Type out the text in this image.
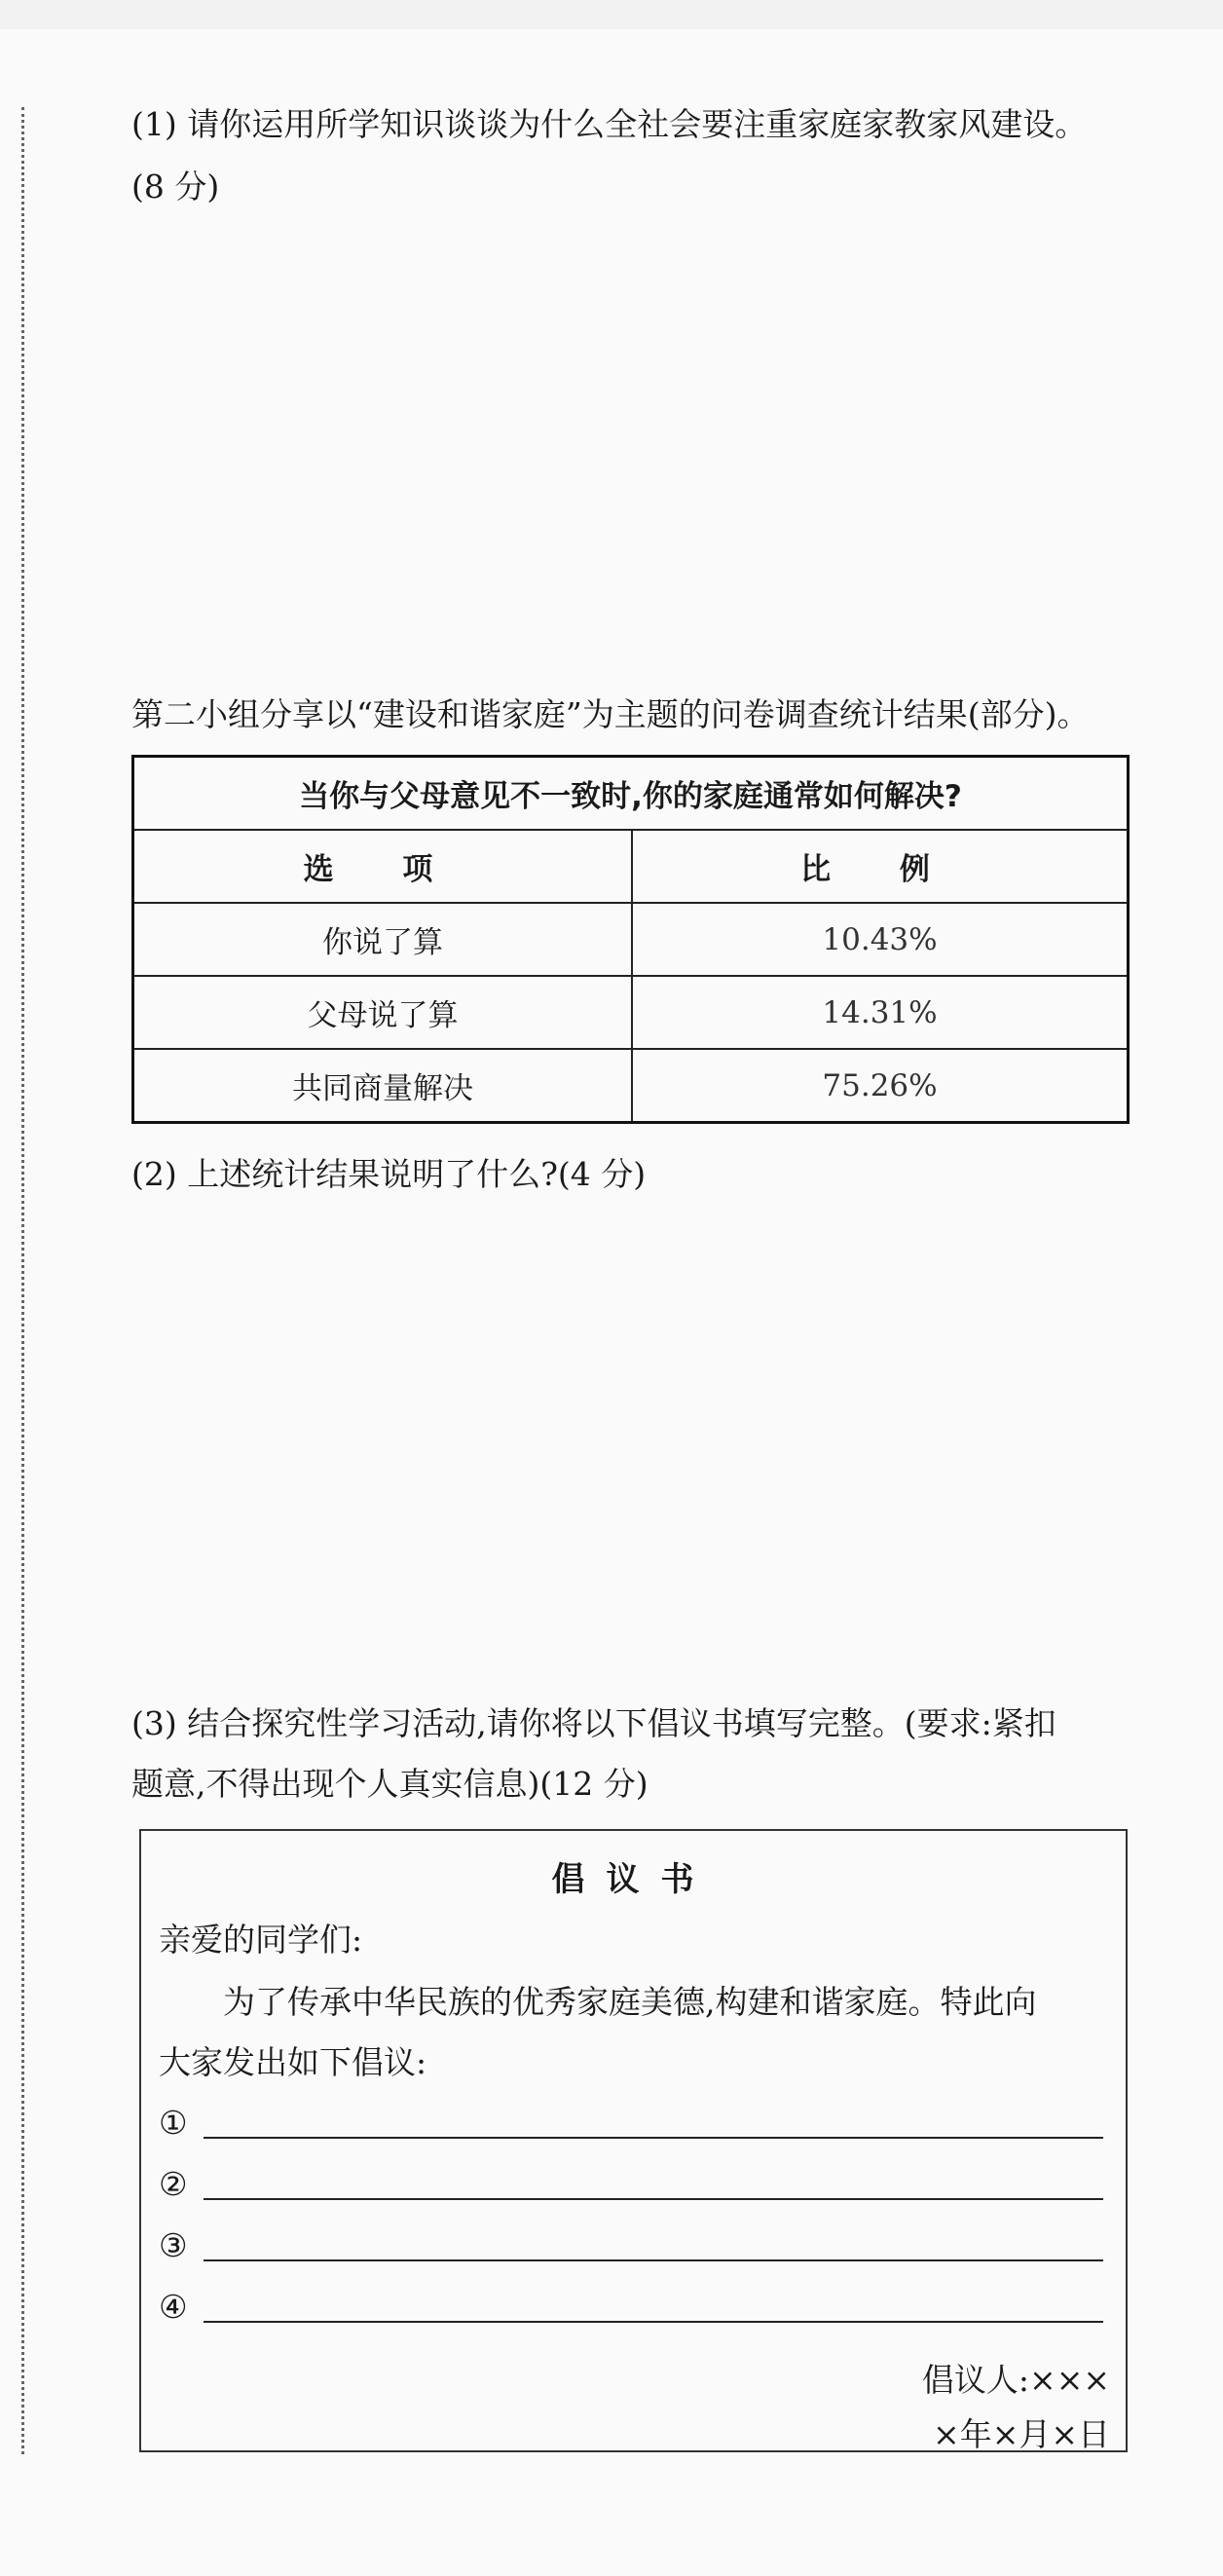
(1) 请你运用所学知识谈谈为什么全社会要注重家庭家教家风建设。
(8 分)
第二小组分享以“建设和谐家庭”为主题的问卷调查统计结果(部分)。
当你与父母意见不一致时,你的家庭通常如何解决?	
选 项	比 例
你说了算	10.43%
父母说了算	14.31%
共同商量解决	75.26%
(2) 上述统计结果说明了什么?(4 分)
(3) 结合探究性学习活动,请你将以下倡议书填写完整。(要求:紧扣
题意,不得出现个人真实信息)(12 分)
倡议书
亲爱的同学们:
为了传承中华民族的优秀家庭美德,构建和谐家庭。特此向
大家发出如下倡议:
①
②
③
④
倡议人:×××
×年×月×日
